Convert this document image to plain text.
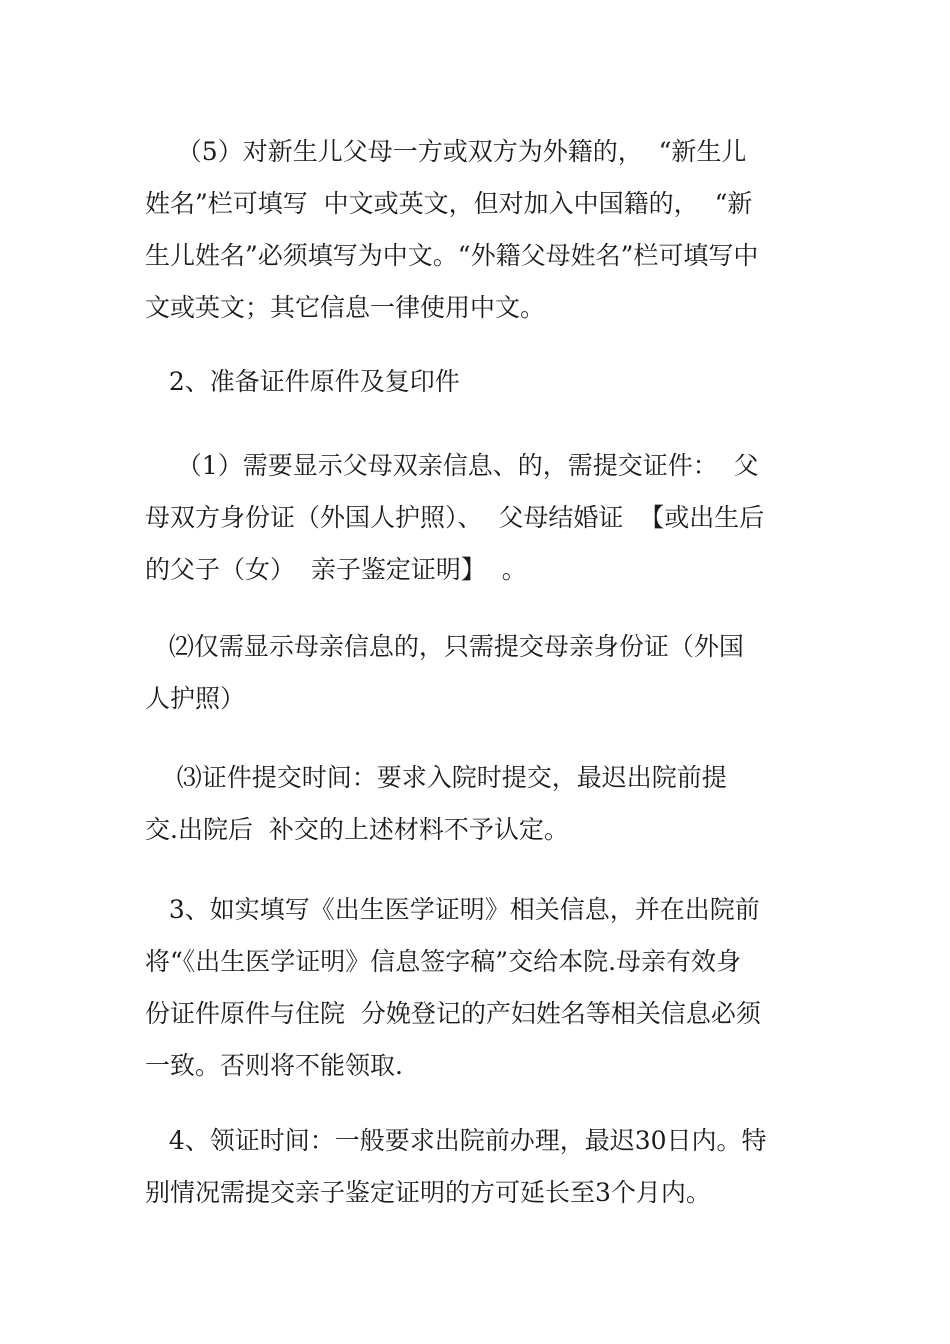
（5）对新生儿父母一方或双方为外籍的，  “新生儿
姓名”栏可填写  中文或英文，但对加入中国籍的，  “新
生儿姓名”必须填写为中文。“外籍父母姓名”栏可填写中
文或英文；其它信息一律使用中文。
2、准备证件原件及复印件
（1）需要显示父母双亲信息、的，需提交证件：  父
母双方身份证（外国人护照）、  父母结婚证  【或出生后
的父子（女）  亲子鉴定证明】  。
⑵仅需显示母亲信息的，只需提交母亲身份证（外国
人护照）
⑶证件提交时间：要求入院时提交，最迟出院前提
交.出院后  补交的上述材料不予认定。
3、如实填写《出生医学证明》相关信息，并在出院前
将“《出生医学证明》信息签字稿”交给本院.母亲有效身
份证件原件与住院  分娩登记的产妇姓名等相关信息必须
一致。否则将不能领取.
4、领证时间：一般要求出院前办理，最迟30日内。特
别情况需提交亲子鉴定证明的方可延长至3个月内。
